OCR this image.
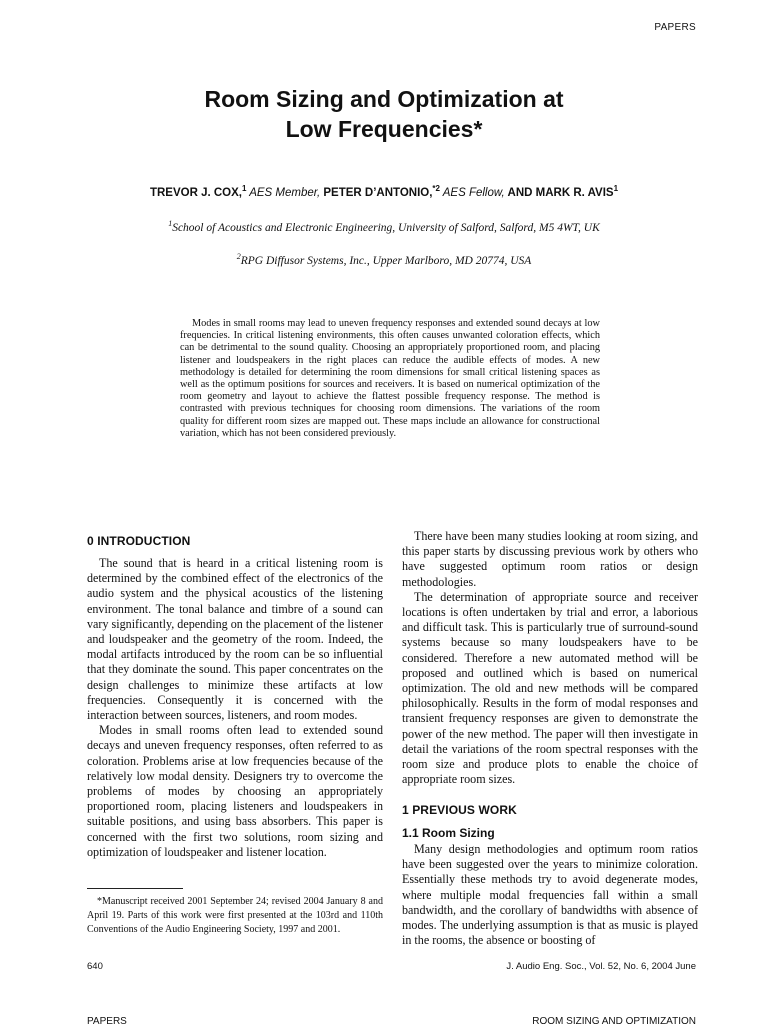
PAPERS
Room Sizing and Optimization at
Low Frequencies*
TREVOR J. COX,$^1$ AES Member, PETER D’ANTONIO,$^{*2}$ AES Fellow, AND MARK R. AVIS$^1$
$^1$School of Acoustics and Electronic Engineering, University of Salford, Salford, M5 4WT, UK
$^2$RPG Diffusor Systems, Inc., Upper Marlboro, MD 20774, USA
Modes in small rooms may lead to uneven frequency responses and extended sound decays at low frequencies. In critical listening environments, this often causes unwanted coloration effects, which can be detrimental to the sound quality. Choosing an appropriately proportioned room, and placing listener and loudspeakers in the right places can reduce the audible effects of modes. A new methodology is detailed for determining the room dimensions for small critical listening spaces as well as the optimum positions for sources and receivers. It is based on numerical optimization of the room geometry and layout to achieve the flattest possible frequency response. The method is contrasted with previous techniques for choosing room dimensions. The variations of the room quality for different room sizes are mapped out. These maps include an allowance for constructional variation, which has not been considered previously.
0 INTRODUCTION

The sound that is heard in a critical listening room is determined by the combined effect of the electronics of the audio system and the physical acoustics of the listening environment. The tonal balance and timbre of a sound can vary significantly, depending on the placement of the listener and loudspeaker and the geometry of the room. Indeed, the modal artifacts introduced by the room can be so influential that they dominate the sound. This paper concentrates on the design challenges to minimize these artifacts at low frequencies. Consequently it is concerned with the interaction between sources, listeners, and room modes.

Modes in small rooms often lead to extended sound decays and uneven frequency responses, often referred to as coloration. Problems arise at low frequencies because of the relatively low modal density. Designers try to overcome the problems of modes by choosing an appropriately proportioned room, placing listeners and loudspeakers in suitable positions, and using bass absorbers. This paper is concerned with the first two solutions, room sizing and optimization of loudspeaker and listener location.

There have been many studies looking at room sizing, and this paper starts by discussing previous work by others who have suggested optimum room ratios or design methodologies.

The determination of appropriate source and receiver locations is often undertaken by trial and error, a laborious and difficult task. This is particularly true of surround-sound systems because so many loudspeakers have to be considered. Therefore a new automated method will be proposed and outlined which is based on numerical optimization. The old and new methods will be compared philosophically. Results in the form of modal responses and transient frequency responses are given to demonstrate the power of the new method. The paper will then investigate in detail the variations of the room spectral responses with the room size and produce plots to enable the choice of appropriate room sizes.

1 PREVIOUS WORK
1.1 Room Sizing

Many design methodologies and optimum room ratios have been suggested over the years to minimize coloration. Essentially these methods try to avoid degenerate modes, where multiple modal frequencies fall within a small bandwidth, and the corollary of bandwidths with absence of modes. The underlying assumption is that as music is played in the rooms, the absence or boosting of

*Manuscript received 2001 September 24; revised 2004 January 8 and April 19. Parts of this work were first presented at the 103rd and 110th Conventions of the Audio Engineering Society, 1997 and 2001.
640	J. Audio Eng. Soc., Vol. 52, No. 6, 2004 June
PAPERS	ROOM SIZING AND OPTIMIZATION
